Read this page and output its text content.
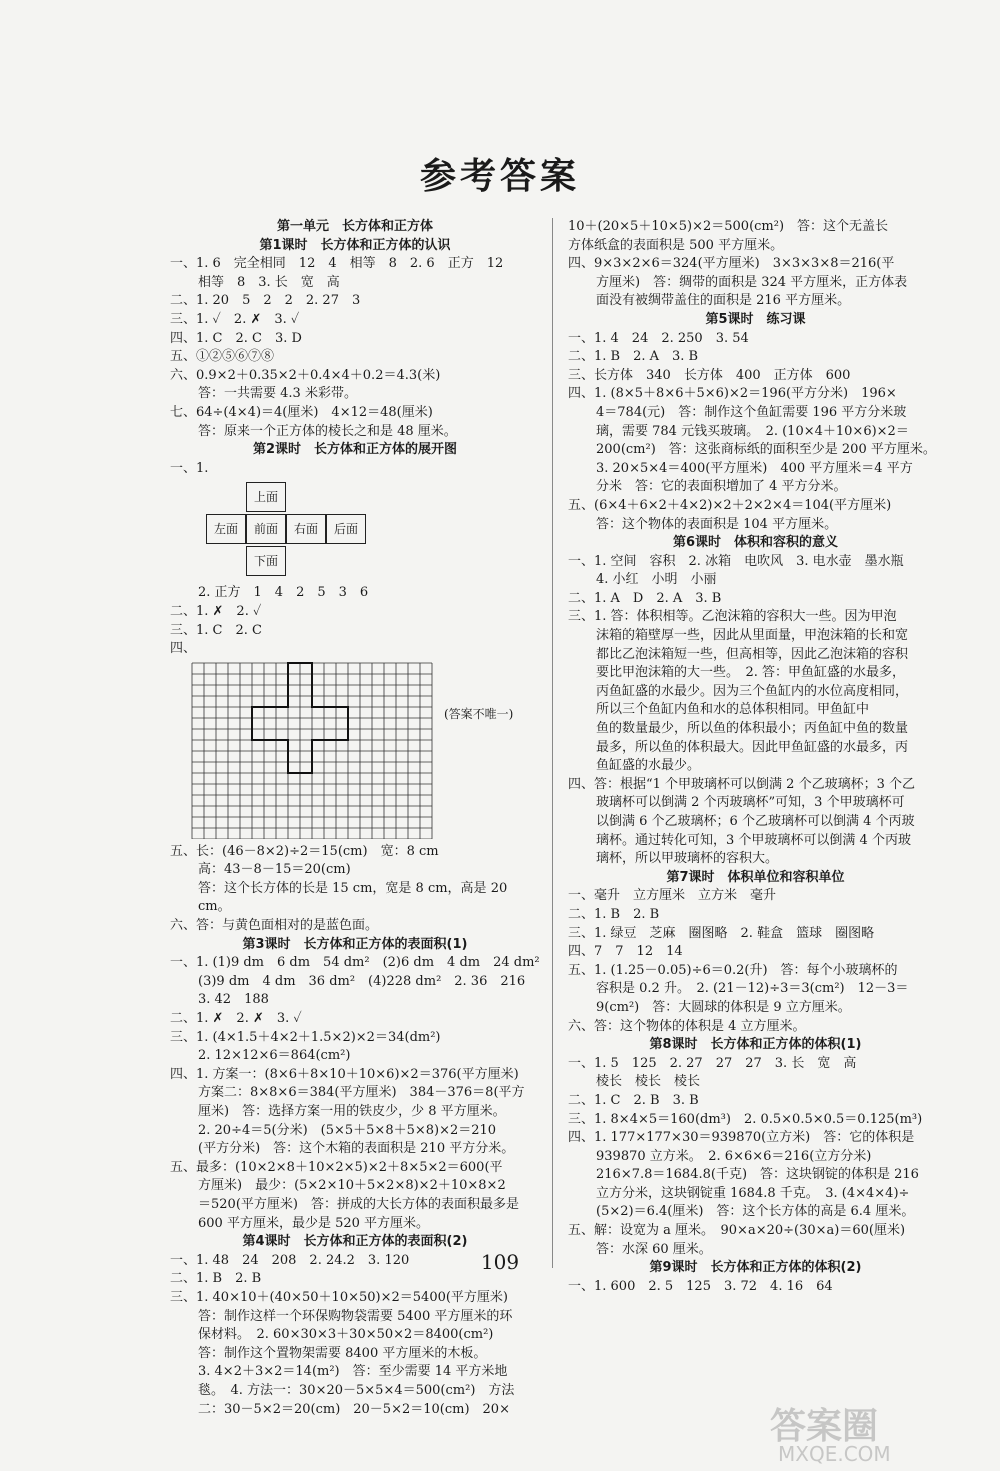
参考答案

第一单元　长方体和正方体

第1课时　长方体和正方体的认识

一、1. 6　完全相同　12　4　相等　8　2. 6　正方　12

相等　8　3. 长　宽　高

二、1. 20　5　2　2　2. 27　3

三、1. ✓　2. ✗　3. ✓

四、1. C　2. C　3. D

五、①②⑤⑥⑦⑧

六、0.9×2＋0.35×2＋0.4×4＋0.2＝4.3(米)

答：一共需要 4.3 米彩带。

七、64÷(4×4)＝4(厘米)　4×12＝48(厘米)

答：原来一个正方体的棱长之和是 48 厘米。

第2课时　长方体和正方体的展开图

一、1.

上面
左面	前面	右面	后面
下面

2. 正方　1　4　2　5　3　6

二、1. ✗　2. ✓

三、1. C　2. C

四、

(答案不唯一)

五、长：(46－8×2)÷2＝15(cm)　宽：8 cm

高：43－8－15＝20(cm)

答：这个长方体的长是 15 cm，宽是 8 cm，高是 20 cm。

六、答：与黄色面相对的是蓝色面。

第3课时　长方体和正方体的表面积(1)

一、1. (1)9 dm　6 dm　54 dm²　(2)6 dm　4 dm　24 dm²

(3)9 dm　4 dm　36 dm²　(4)228 dm²　2. 36　216

3. 42　188

二、1. ✗　2. ✗　3. ✓

三、1. (4×1.5＋4×2＋1.5×2)×2＝34(dm²)

2. 12×12×6＝864(cm²)

四、1. 方案一：(8×6＋8×10＋10×6)×2＝376(平方厘米)

方案二：8×8×6＝384(平方厘米)　384－376＝8(平方

厘米)　答：选择方案一用的铁皮少，少 8 平方厘米。

2. 20÷4＝5(分米)　(5×5＋5×8＋5×8)×2＝210

(平方分米)　答：这个木箱的表面积是 210 平方分米。

五、最多：(10×2×8＋10×2×5)×2＋8×5×2＝600(平

方厘米)　最少：(5×2×10＋5×2×8)×2＋10×8×2

＝520(平方厘米)　答：拼成的大长方体的表面积最多是

600 平方厘米，最少是 520 平方厘米。

第4课时　长方体和正方体的表面积(2)

一、1. 48　24　208　2. 24.2　3. 120

二、1. B　2. B

三、1. 40×10＋(40×50＋10×50)×2＝5400(平方厘米)

答：制作这样一个环保购物袋需要 5400 平方厘米的环

保材料。　2. 60×30×3＋30×50×2＝8400(cm²)

答：制作这个置物架需要 8400 平方厘米的木板。

3. 4×2＋3×2＝14(m²)　答：至少需要 14 平方米地

毯。　4. 方法一：30×20－5×5×4＝500(cm²)　方法

二：30－5×2＝20(cm)　20－5×2＝10(cm)　20×

10＋(20×5＋10×5)×2＝500(cm²)　答：这个无盖长

方体纸盒的表面积是 500 平方厘米。

四、9×3×2×6＝324(平方厘米)　3×3×3×8＝216(平

方厘米)　答：绸带的面积是 324 平方厘米，正方体表

面没有被绸带盖住的面积是 216 平方厘米。

第5课时　练习课

一、1. 4　24　2. 250　3. 54

二、1. B　2. A　3. B

三、长方体　340　长方体　400　正方体　600

四、1. (8×5＋8×6＋5×6)×2＝196(平方分米)　196×

4＝784(元)　答：制作这个鱼缸需要 196 平方分米玻

璃，需要 784 元钱买玻璃。　2. (10×4＋10×6)×2＝

200(cm²)　答：这张商标纸的面积至少是 200 平方厘米。

3. 20×5×4＝400(平方厘米)　400 平方厘米＝4 平方

分米　答：它的表面积增加了 4 平方分米。

五、(6×4＋6×2＋4×2)×2＋2×2×4＝104(平方厘米)

答：这个物体的表面积是 104 平方厘米。

第6课时　体积和容积的意义

一、1. 空间　容积　2. 冰箱　电吹风　3. 电水壶　墨水瓶

4. 小红　小明　小丽

二、1. A　D　2. A　3. B

三、1. 答：体积相等。乙泡沫箱的容积大一些。因为甲泡

沫箱的箱壁厚一些，因此从里面量，甲泡沫箱的长和宽

都比乙泡沫箱短一些，但高相等，因此乙泡沫箱的容积

要比甲泡沫箱的大一些。　2. 答：甲鱼缸盛的水最多，

丙鱼缸盛的水最少。因为三个鱼缸内的水位高度相同，

所以三个鱼缸内鱼和水的总体积相同。甲鱼缸中

鱼的数量最少，所以鱼的体积最小；丙鱼缸中鱼的数量

最多，所以鱼的体积最大。因此甲鱼缸盛的水最多，丙

鱼缸盛的水最少。

四、答：根据“1 个甲玻璃杯可以倒满 2 个乙玻璃杯；3 个乙

玻璃杯可以倒满 2 个丙玻璃杯”可知，3 个甲玻璃杯可

以倒满 6 个乙玻璃杯；6 个乙玻璃杯可以倒满 4 个丙玻

璃杯。通过转化可知，3 个甲玻璃杯可以倒满 4 个丙玻

璃杯，所以甲玻璃杯的容积大。

第7课时　体积单位和容积单位

一、毫升　立方厘米　立方米　毫升

二、1. B　2. B

三、1. 绿豆　芝麻　圈图略　2. 鞋盒　篮球　圈图略

四、7　7　12　14

五、1. (1.25－0.05)÷6＝0.2(升)　答：每个小玻璃杯的

容积是 0.2 升。　2. (21－12)÷3＝3(cm²)　12－3＝

9(cm²)　答：大圆球的体积是 9 立方厘米。

六、答：这个物体的体积是 4 立方厘米。

第8课时　长方体和正方体的体积(1)

一、1. 5　125　2. 27　27　27　3. 长　宽　高

棱长　棱长　棱长

二、1. C　2. B　3. B

三、1. 8×4×5＝160(dm³)　2. 0.5×0.5×0.5＝0.125(m³)

四、1. 177×177×30＝939870(立方米)　答：它的体积是

939870 立方米。　2. 6×6×6＝216(立方分米)

216×7.8＝1684.8(千克)　答：这块钢锭的体积是 216

立方分米，这块钢锭重 1684.8 千克。　3. (4×4×4)÷

(5×2)＝6.4(厘米)　答：这个长方体的高是 6.4 厘米。

五、解：设宽为 a 厘米。　90×a×20÷(30×a)＝60(厘米)

答：水深 60 厘米。

第9课时　长方体和正方体的体积(2)

一、1. 600　2. 5　125　3. 72　4. 16　64

109
答案圈
MXQE.COM
